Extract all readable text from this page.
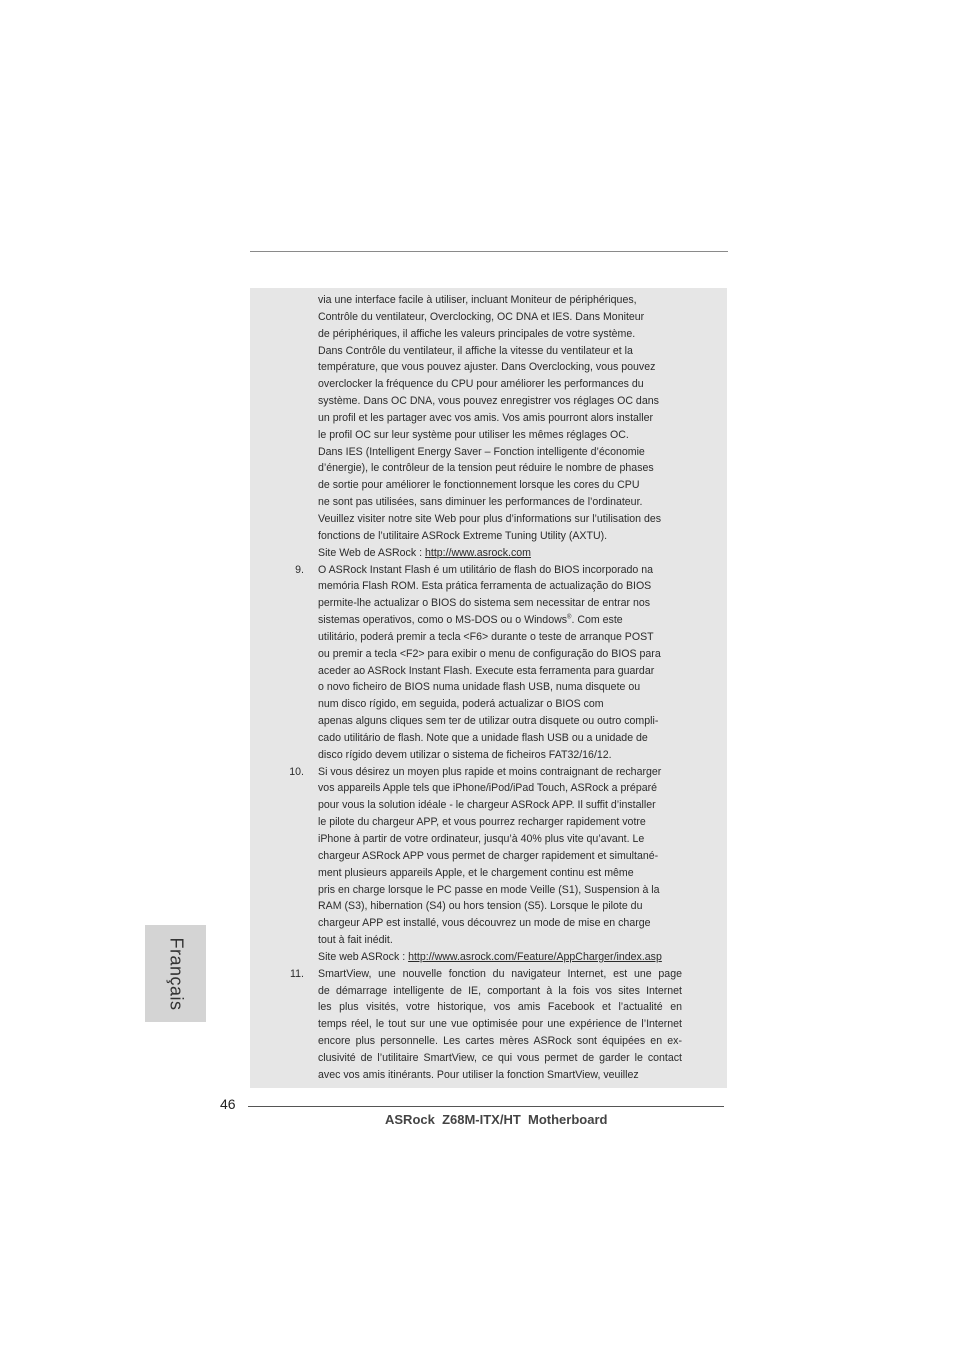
via une interface facile à utiliser, incluant Moniteur de périphériques,
Contrôle du ventilateur, Overclocking, OC DNA et IES. Dans Moniteur
de périphériques, il affiche les valeurs principales de votre système.
Dans Contrôle du ventilateur, il affiche la vitesse du ventilateur et la
température, que vous pouvez ajuster. Dans Overclocking, vous pouvez
overclocker la fréquence du CPU pour améliorer les performances du
système. Dans OC DNA, vous pouvez enregistrer vos réglages OC dans
un profil et les partager avec vos amis. Vos amis pourront alors installer
le profil OC sur leur système pour utiliser les mêmes réglages OC.
Dans IES (Intelligent Energy Saver – Fonction intelligente d’économie
d’énergie), le contrôleur de la tension peut réduire le nombre de phases
de sortie pour améliorer le fonctionnement lorsque les cores du CPU
ne sont pas utilisées, sans diminuer les performances de l’ordinateur.
Veuillez visiter notre site Web pour plus d’informations sur l’utilisation des
fonctions de l’utilitaire ASRock Extreme Tuning Utility (AXTU).
Site Web de ASRock : http://www.asrock.com
9. O ASRock Instant Flash é um utilitário de flash do BIOS incorporado na
memória Flash ROM. Esta prática ferramenta de actualização do BIOS
permite-lhe actualizar o BIOS do sistema sem necessitar de entrar nos
sistemas operativos, como o MS-DOS ou o Windows®. Com este
utilitário, poderá premir a tecla <F6> durante o teste de arranque POST
ou premir a tecla <F2> para exibir o menu de configuração do BIOS para
aceder ao ASRock Instant Flash. Execute esta ferramenta para guardar
o novo ficheiro de BIOS numa unidade flash USB, numa disquete ou
num disco rígido, em seguida, poderá actualizar o BIOS com
apenas alguns cliques sem ter de utilizar outra disquete ou outro compli-
cado utilitário de flash. Note que a unidade flash USB ou a unidade de
disco rígido devem utilizar o sistema de ficheiros FAT32/16/12.
10. Si vous désirez un moyen plus rapide et moins contraignant de recharger
vos appareils Apple tels que iPhone/iPod/iPad Touch, ASRock a préparé
pour vous la solution idéale - le chargeur ASRock APP. Il suffit d’installer
le pilote du chargeur APP, et vous pourrez recharger rapidement votre
iPhone à partir de votre ordinateur, jusqu’à 40% plus vite qu’avant. Le
chargeur ASRock APP vous permet de charger rapidement et simultané-
ment plusieurs appareils Apple, et le chargement continu est même
pris en charge lorsque le PC passe en mode Veille (S1), Suspension à la
RAM (S3), hibernation (S4) ou hors tension (S5). Lorsque le pilote du
chargeur APP est installé, vous découvrez un mode de mise en charge
tout à fait inédit.
Site web ASRock : http://www.asrock.com/Feature/AppCharger/index.asp
11. SmartView, une nouvelle fonction du navigateur Internet, est une page
de démarrage intelligente de IE, comportant à la fois vos sites Internet
les plus visités, votre historique, vos amis Facebook et l’actualité en
temps réel, le tout sur une vue optimisée pour une expérience de l’Internet
encore plus personnelle. Les cartes mères ASRock sont équipées en ex-
clusivité de l’utilitaire SmartView, ce qui vous permet de garder le contact
avec vos amis itinérants. Pour utiliser la fonction SmartView, veuillez
Français
46
ASRock  Z68M-ITX/HT  Motherboard
